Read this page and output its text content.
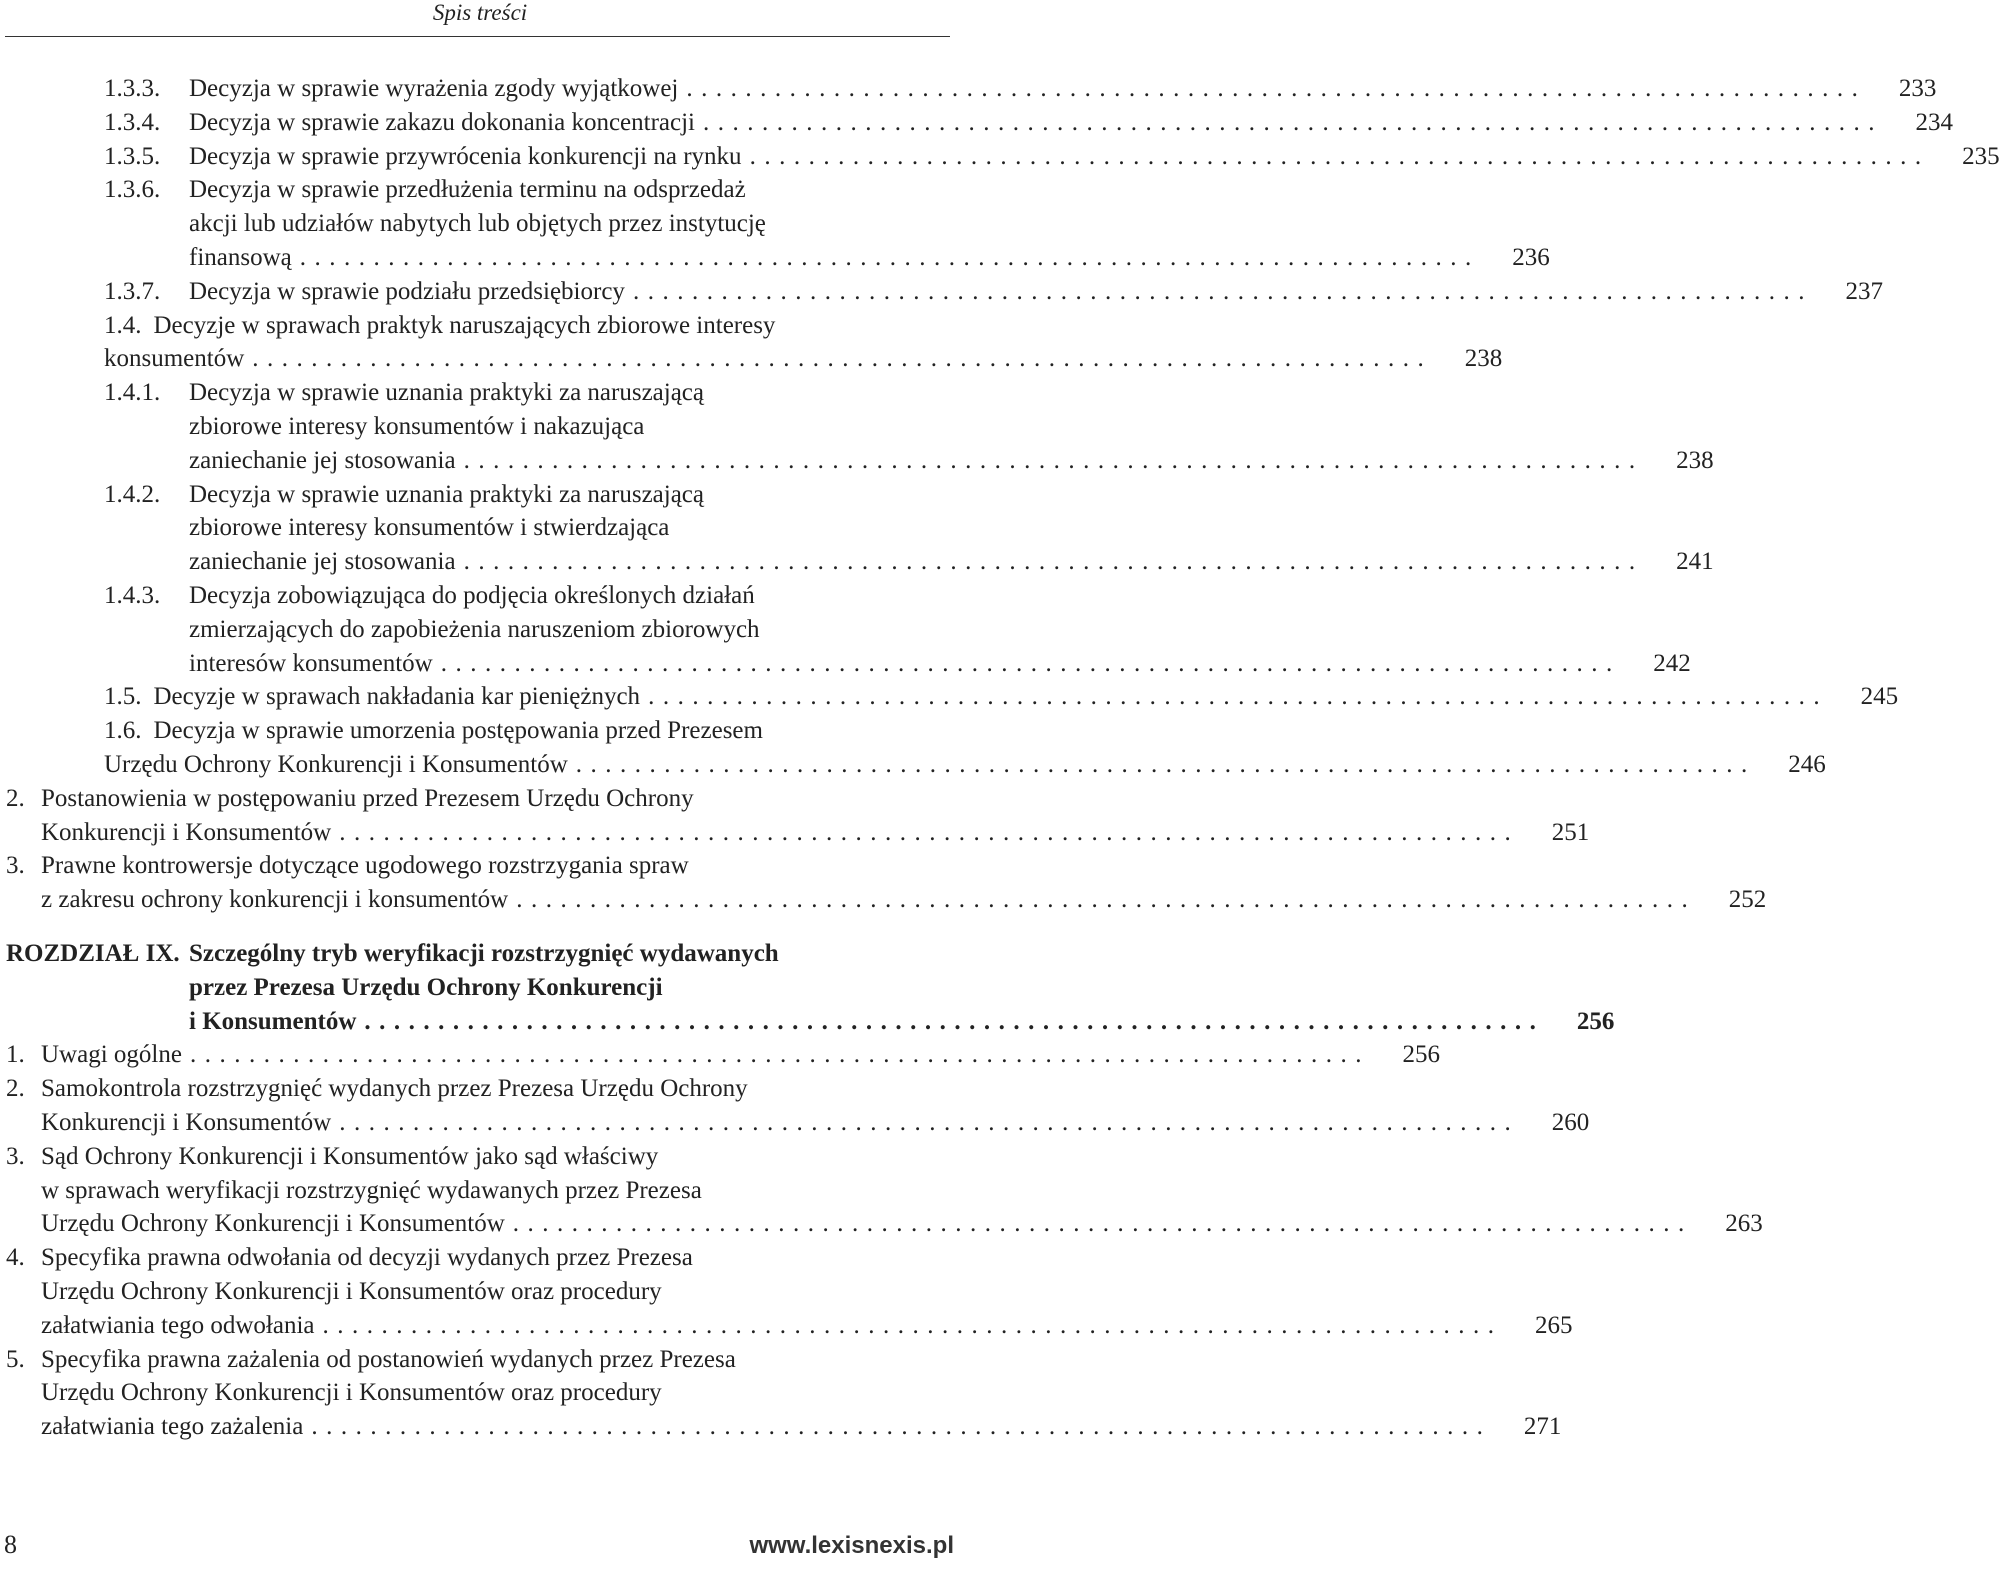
Spis treści
1.3.3. Decyzja w sprawie wyrażenia zgody wyjątkowej ................................................................................	233
1.3.4. Decyzja w sprawie zakazu dokonania koncentracji ................................................................................	234
1.3.5. Decyzja w sprawie przywrócenia konkurencji na rynku ................................................................................	235
1.3.6. Decyzja w sprawie przedłużenia terminu na odsprzedaż
akcji lub udziałów nabytych lub objętych przez instytucję
finansową ................................................................................	236
1.3.7. Decyzja w sprawie podziału przedsiębiorcy ................................................................................	237
1.4. Decyzje w sprawach praktyk naruszających zbiorowe interesy
konsumentów ................................................................................	238
1.4.1. Decyzja w sprawie uznania praktyki za naruszającą
zbiorowe interesy konsumentów i nakazująca
zaniechanie jej stosowania ................................................................................	238
1.4.2. Decyzja w sprawie uznania praktyki za naruszającą
zbiorowe interesy konsumentów i stwierdzająca
zaniechanie jej stosowania ................................................................................	241
1.4.3. Decyzja zobowiązująca do podjęcia określonych działań
zmierzających do zapobieżenia naruszeniom zbiorowych
interesów konsumentów ................................................................................	242
1.5. Decyzje w sprawach nakładania kar pieniężnych ................................................................................	245
1.6. Decyzja w sprawie umorzenia postępowania przed Prezesem
Urzędu Ochrony Konkurencji i Konsumentów ................................................................................	246
2. Postanowienia w postępowaniu przed Prezesem Urzędu Ochrony
Konkurencji i Konsumentów ................................................................................	251
3. Prawne kontrowersje dotyczące ugodowego rozstrzygania spraw
z zakresu ochrony konkurencji i konsumentów ................................................................................	252
ROZDZIAŁ IX. Szczególny tryb weryfikacji rozstrzygnięć wydawanych
przez Prezesa Urzędu Ochrony Konkurencji
i Konsumentów ................................................................................	256
1. Uwagi ogólne ................................................................................	256
2. Samokontrola rozstrzygnięć wydanych przez Prezesa Urzędu Ochrony
Konkurencji i Konsumentów ................................................................................	260
3. Sąd Ochrony Konkurencji i Konsumentów jako sąd właściwy
w sprawach weryfikacji rozstrzygnięć wydawanych przez Prezesa
Urzędu Ochrony Konkurencji i Konsumentów ................................................................................	263
4. Specyfika prawna odwołania od decyzji wydanych przez Prezesa
Urzędu Ochrony Konkurencji i Konsumentów oraz procedury
załatwiania tego odwołania ................................................................................	265
5. Specyfika prawna zażalenia od postanowień wydanych przez Prezesa
Urzędu Ochrony Konkurencji i Konsumentów oraz procedury
załatwiania tego zażalenia ................................................................................	271
8	www.lexisnexis.pl
